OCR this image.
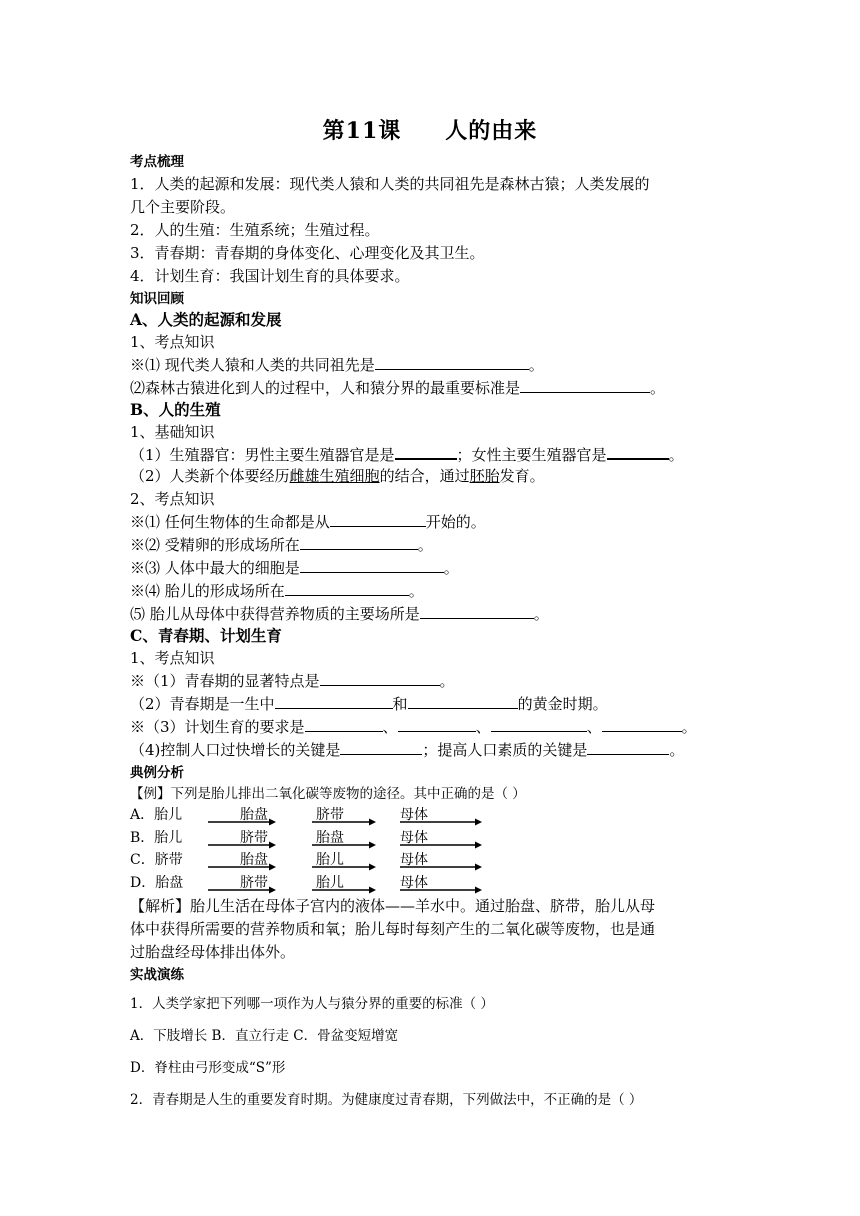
第11课 人的由来
考点梳理
1．人类的起源和发展：现代类人猿和人类的共同祖先是森林古猿；人类发展的
几个主要阶段。
2．人的生殖：生殖系统；生殖过程。
3．青春期：青春期的身体变化、心理变化及其卫生。
4．计划生育：我国计划生育的具体要求。
知识回顾
A、人类的起源和发展
1、考点知识
※⑴ 现代类人猿和人类的共同祖先是	。
⑵森林古猿进化到人的过程中，人和猿分界的最重要标准是	。
B、人的生殖
1、基础知识
（1）生殖器官：男性主要生殖器官是是	；女性主要生殖器官是	。
（2）人类新个体要经历雌雄生殖细胞的结合，通过胚胎发育。
2、考点知识
※⑴ 任何生物体的生命都是从	开始的。
※⑵ 受精卵的形成场所在	。
※⑶ 人体中最大的细胞是	。
※⑷ 胎儿的形成场所在	。
⑸ 胎儿从母体中获得营养物质的主要场所是	。
C、青春期、计划生育
1、考点知识
※（1）青春期的显著特点是	。
（2）青春期是一生中	和	的黄金时期。
※（3）计划生育的要求是	、	、	、	。
（4)控制人口过快增长的关键是	；提高人口素质的关键是	。
典例分析
【例】下列是胎儿排出二氧化碳等废物的途径。其中正确的是（ ）
A．胎儿	胎盘	脐带	母体
B．胎儿	脐带	胎盘	母体
C．脐带	胎盘	胎儿	母体
D．胎盘	脐带	胎儿	母体
【解析】胎儿生活在母体子宫内的液体——羊水中。通过胎盘、脐带，胎儿从母
体中获得所需要的营养物质和氧；胎儿每时每刻产生的二氧化碳等废物，也是通
过胎盘经母体排出体外。
实战演练
1．人类学家把下列哪一项作为人与猿分界的重要的标准（ ）
A．下肢增长 B．直立行走 C．骨盆变短增宽
D．脊柱由弓形变成“S”形
2．青春期是人生的重要发育时期。为健康度过青春期，下列做法中，不正确的是（ ）
